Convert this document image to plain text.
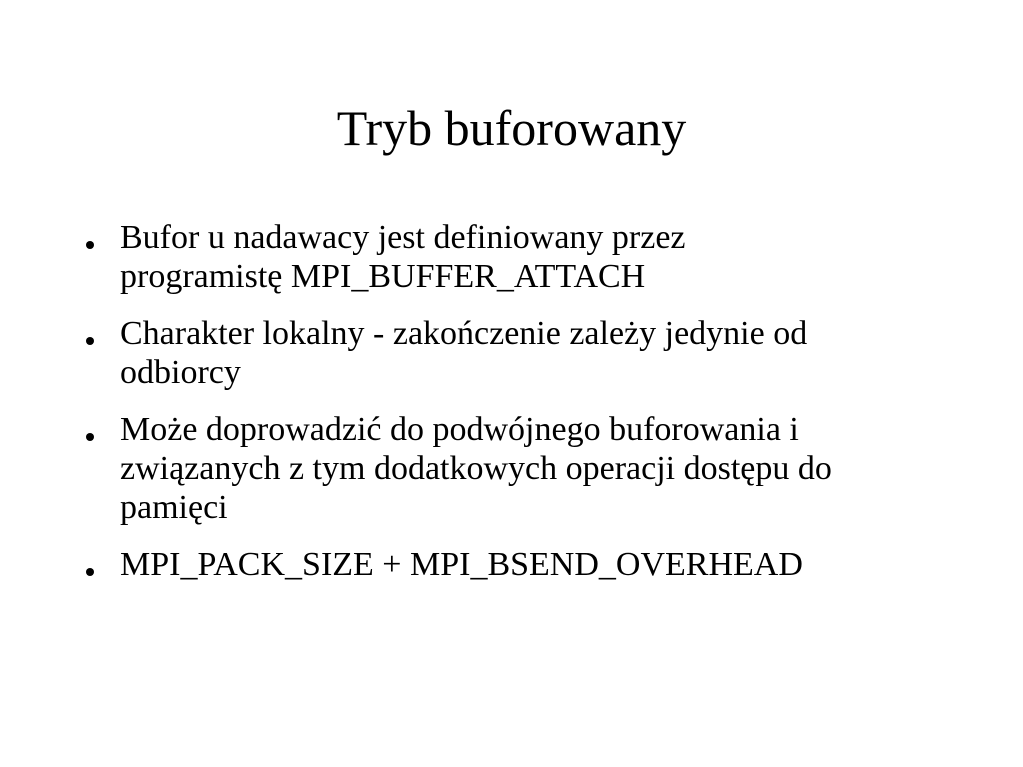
Tryb buforowany
Bufor u nadawacy jest definiowany przez
programistę MPI_BUFFER_ATTACH
Charakter lokalny - zakończenie zależy jedynie od
odbiorcy
Może doprowadzić do podwójnego buforowania i
związanych z tym dodatkowych operacji dostępu do
pamięci
MPI_PACK_SIZE + MPI_BSEND_OVERHEAD
